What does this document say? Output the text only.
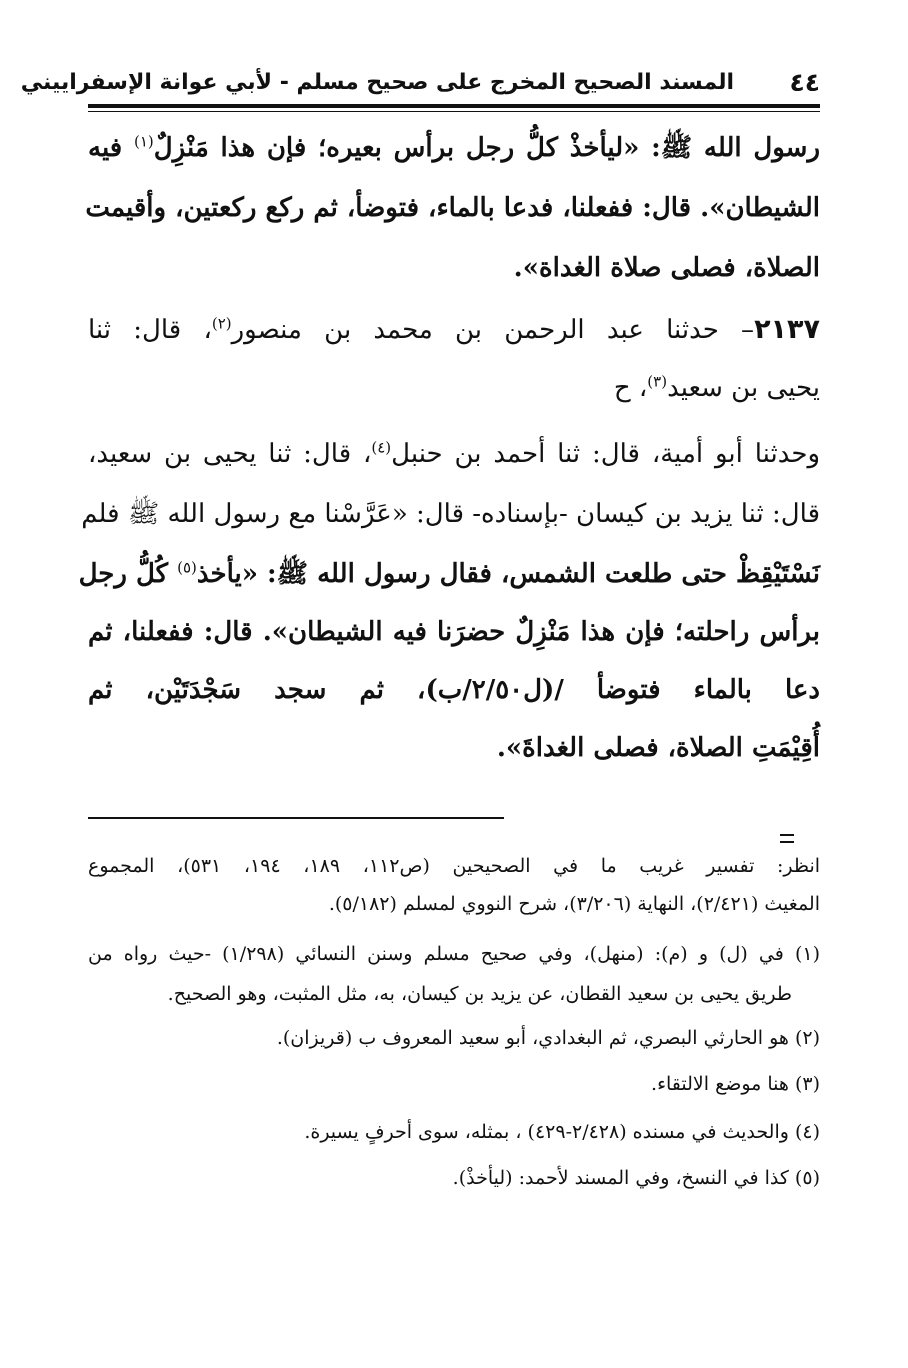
٤٤
المسند الصحيح المخرج على صحيح مسلم - لأبي عوانة الإسفراييني
رسول الله ﷺ: «ليأخذْ كلُّ رجل برأس بعيره؛ فإن هذا مَنْزِلٌ$^{(١)}$ فيه
الشيطان». قال: ففعلنا، فدعا بالماء، فتوضأ، ثم ركع ركعتين، وأقيمت
الصلاة، فصلى صلاة الغداة».
٢١٣٧– حدثنا عبد الرحمن بن محمد بن منصور$^{(٢)}$، قال: ثنا
يحيى بن سعيد$^{(٣)}$، ح
وحدثنا أبو أمية، قال: ثنا أحمد بن حنبل$^{(٤)}$، قال: ثنا يحيى بن سعيد،
قال: ثنا يزيد بن كيسان -بإسناده- قال: «عَرَّسْنا مع رسول الله ﷺ فلم
نَسْتَيْقِظْ حتى طلعت الشمس، فقال رسول الله ﷺ: «يأخذ$^{(٥)}$ كُلُّ رجل
برأس راحلته؛ فإن هذا مَنْزِلٌ حضرَنا فيه الشيطان». قال: ففعلنا، ثم
دعا بالماء فتوضأ /(ل٢/٥٠/ب)، ثم سجد سَجْدَتَيْن، ثم
أُقِيْمَتِ الصلاة، فصلى الغداةَ».
انظر: تفسير غريب ما في الصحيحين (ص١١٢، ١٨٩، ١٩٤، ٥٣١)، المجموع
المغيث (٢/٤٢١)، النهاية (٣/٢٠٦)، شرح النووي لمسلم (٥/١٨٢).
(١) في (ل) و (م): (منهل)، وفي صحيح مسلم وسنن النسائي (١/٢٩٨) -حيث رواه من
طريق يحيى بن سعيد القطان، عن يزيد بن كيسان، به، مثل المثبت، وهو الصحيح.
(٢) هو الحارثي البصري، ثم البغدادي، أبو سعيد المعروف ب (قريزان).
(٣) هنا موضع الالتقاء.
(٤) والحديث في مسنده (٢/٤٢٨-٤٢٩) ، بمثله، سوى أحرفٍ يسيرة.
(٥) كذا في النسخ، وفي المسند لأحمد: (ليأخذْ).
